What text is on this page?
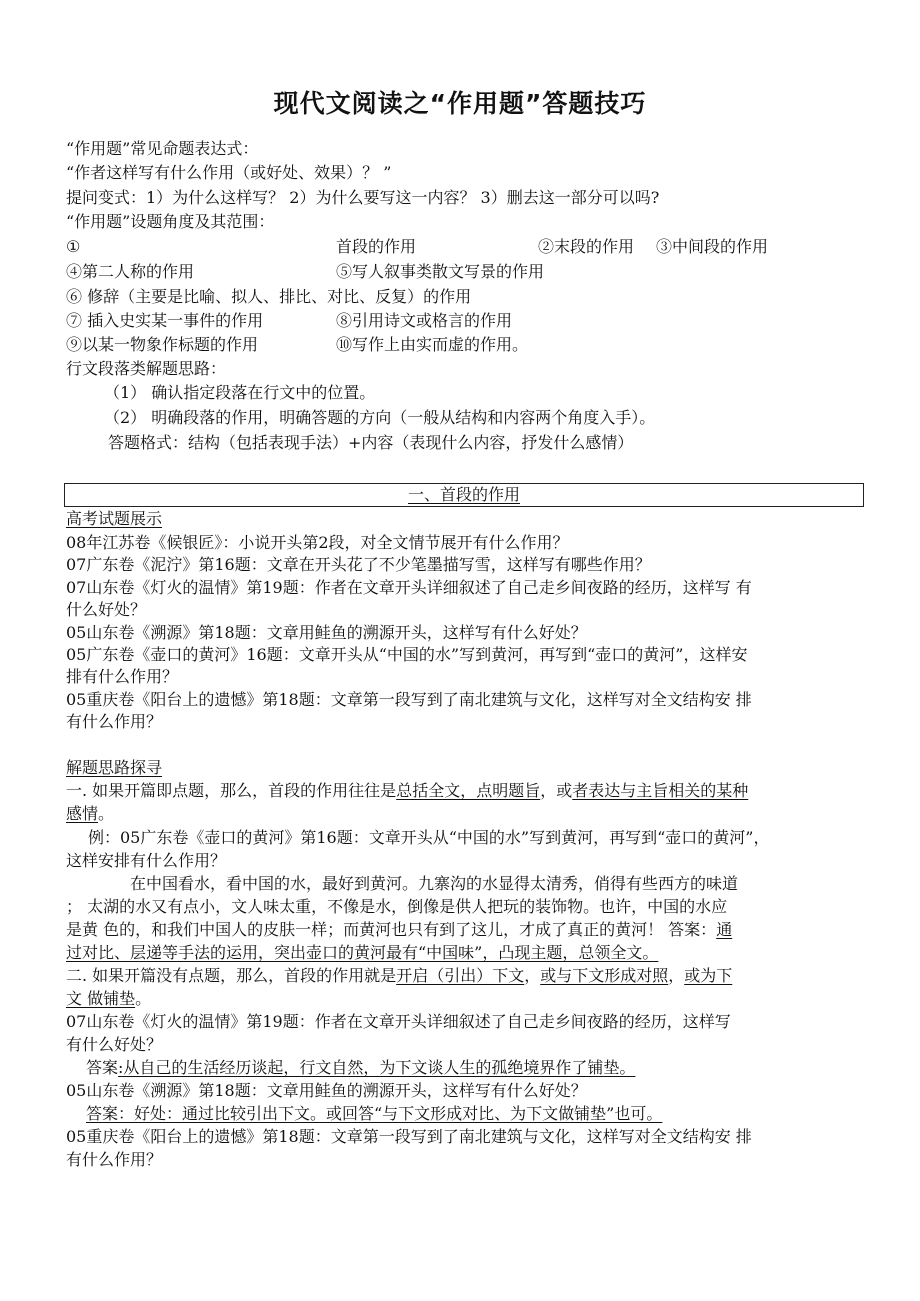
现代文阅读之“作用题”答题技巧
“作用题”常见命题表达式：
“作者这样写有什么作用（或好处、效果）？ ”
提问变式：1）为什么这样写？ 2）为什么要写这一内容？ 3）删去这一部分可以吗?
“作用题”设题角度及其范围：
①	首段的作用	②末段的作用 ③中间段的作用
④第二人称的作用	⑤写人叙事类散文写景的作用
⑥ 修辞（主要是比喻、拟人、排比、对比、反复）的作用
⑦ 插入史实某一事件的作用	⑧引用诗文或格言的作用
⑨以某一物象作标题的作用	⑩写作上由实而虚的作用。
行文段落类解题思路：
（1） 确认指定段落在行文中的位置。
（2） 明确段落的作用，明确答题的方向（一般从结构和内容两个角度入手）。
答题格式：结构（包括表现手法）+内容（表现什么内容，抒发什么感情）
一、首段的作用
高考试题展示
08年江苏卷《候银匠》：小说开头第2段，对全文情节展开有什么作用？
07广东卷《泥泞》第16题：文章在开头花了不少笔墨描写雪，这样写有哪些作用？
07山东卷《灯火的温情》第19题：作者在文章开头详细叙述了自己走乡间夜路的经历，这样写 有
什么好处？
05山东卷《溯源》第18题：文章用鲑鱼的溯源开头，这样写有什么好处？
05广东卷《壶口的黄河》16题：文章开头从“中国的水”写到黄河，再写到“壶口的黄河”，这样安
排有什么作用？
05重庆卷《阳台上的遗憾》第18题：文章第一段写到了南北建筑与文化，这样写对全文结构安 排
有什么作用？
解题思路探寻
一. 如果开篇即点题，那么，首段的作用往往是总括全文，点明题旨，或者表达与主旨相关的某种
感情。
例：05广东卷《壶口的黄河》第16题：文章开头从“中国的水”写到黄河，再写到“壶口的黄河”，
这样安排有什么作用？
在中国看水，看中国的水，最好到黄河。九寨沟的水显得太清秀，俏得有些西方的味道
； 太湖的水又有点小，文人味太重，不像是水，倒像是供人把玩的装饰物。也许，中国的水应
是黄 色的，和我们中国人的皮肤一样；而黄河也只有到了这儿，才成了真正的黄河！ 答案：通
过对比、层递等手法的运用，突出壶口的黄河最有“中国味”，凸现主题，总领全文。
二. 如果开篇没有点题，那么，首段的作用就是开启（引出）下文，或与下文形成对照，或为下
文 做铺垫。
07山东卷《灯火的温情》第19题：作者在文章开头详细叙述了自己走乡间夜路的经历，这样写
有什么好处？
答案:从自己的生活经历谈起，行文自然，为下文谈人生的孤绝境界作了铺垫。
05山东卷《溯源》第18题：文章用鲑鱼的溯源开头，这样写有什么好处？
答案：好处：通过比较引出下文。或回答“与下文形成对比、为下文做铺垫”也可。
05重庆卷《阳台上的遗憾》第18题：文章第一段写到了南北建筑与文化，这样写对全文结构安 排
有什么作用？
